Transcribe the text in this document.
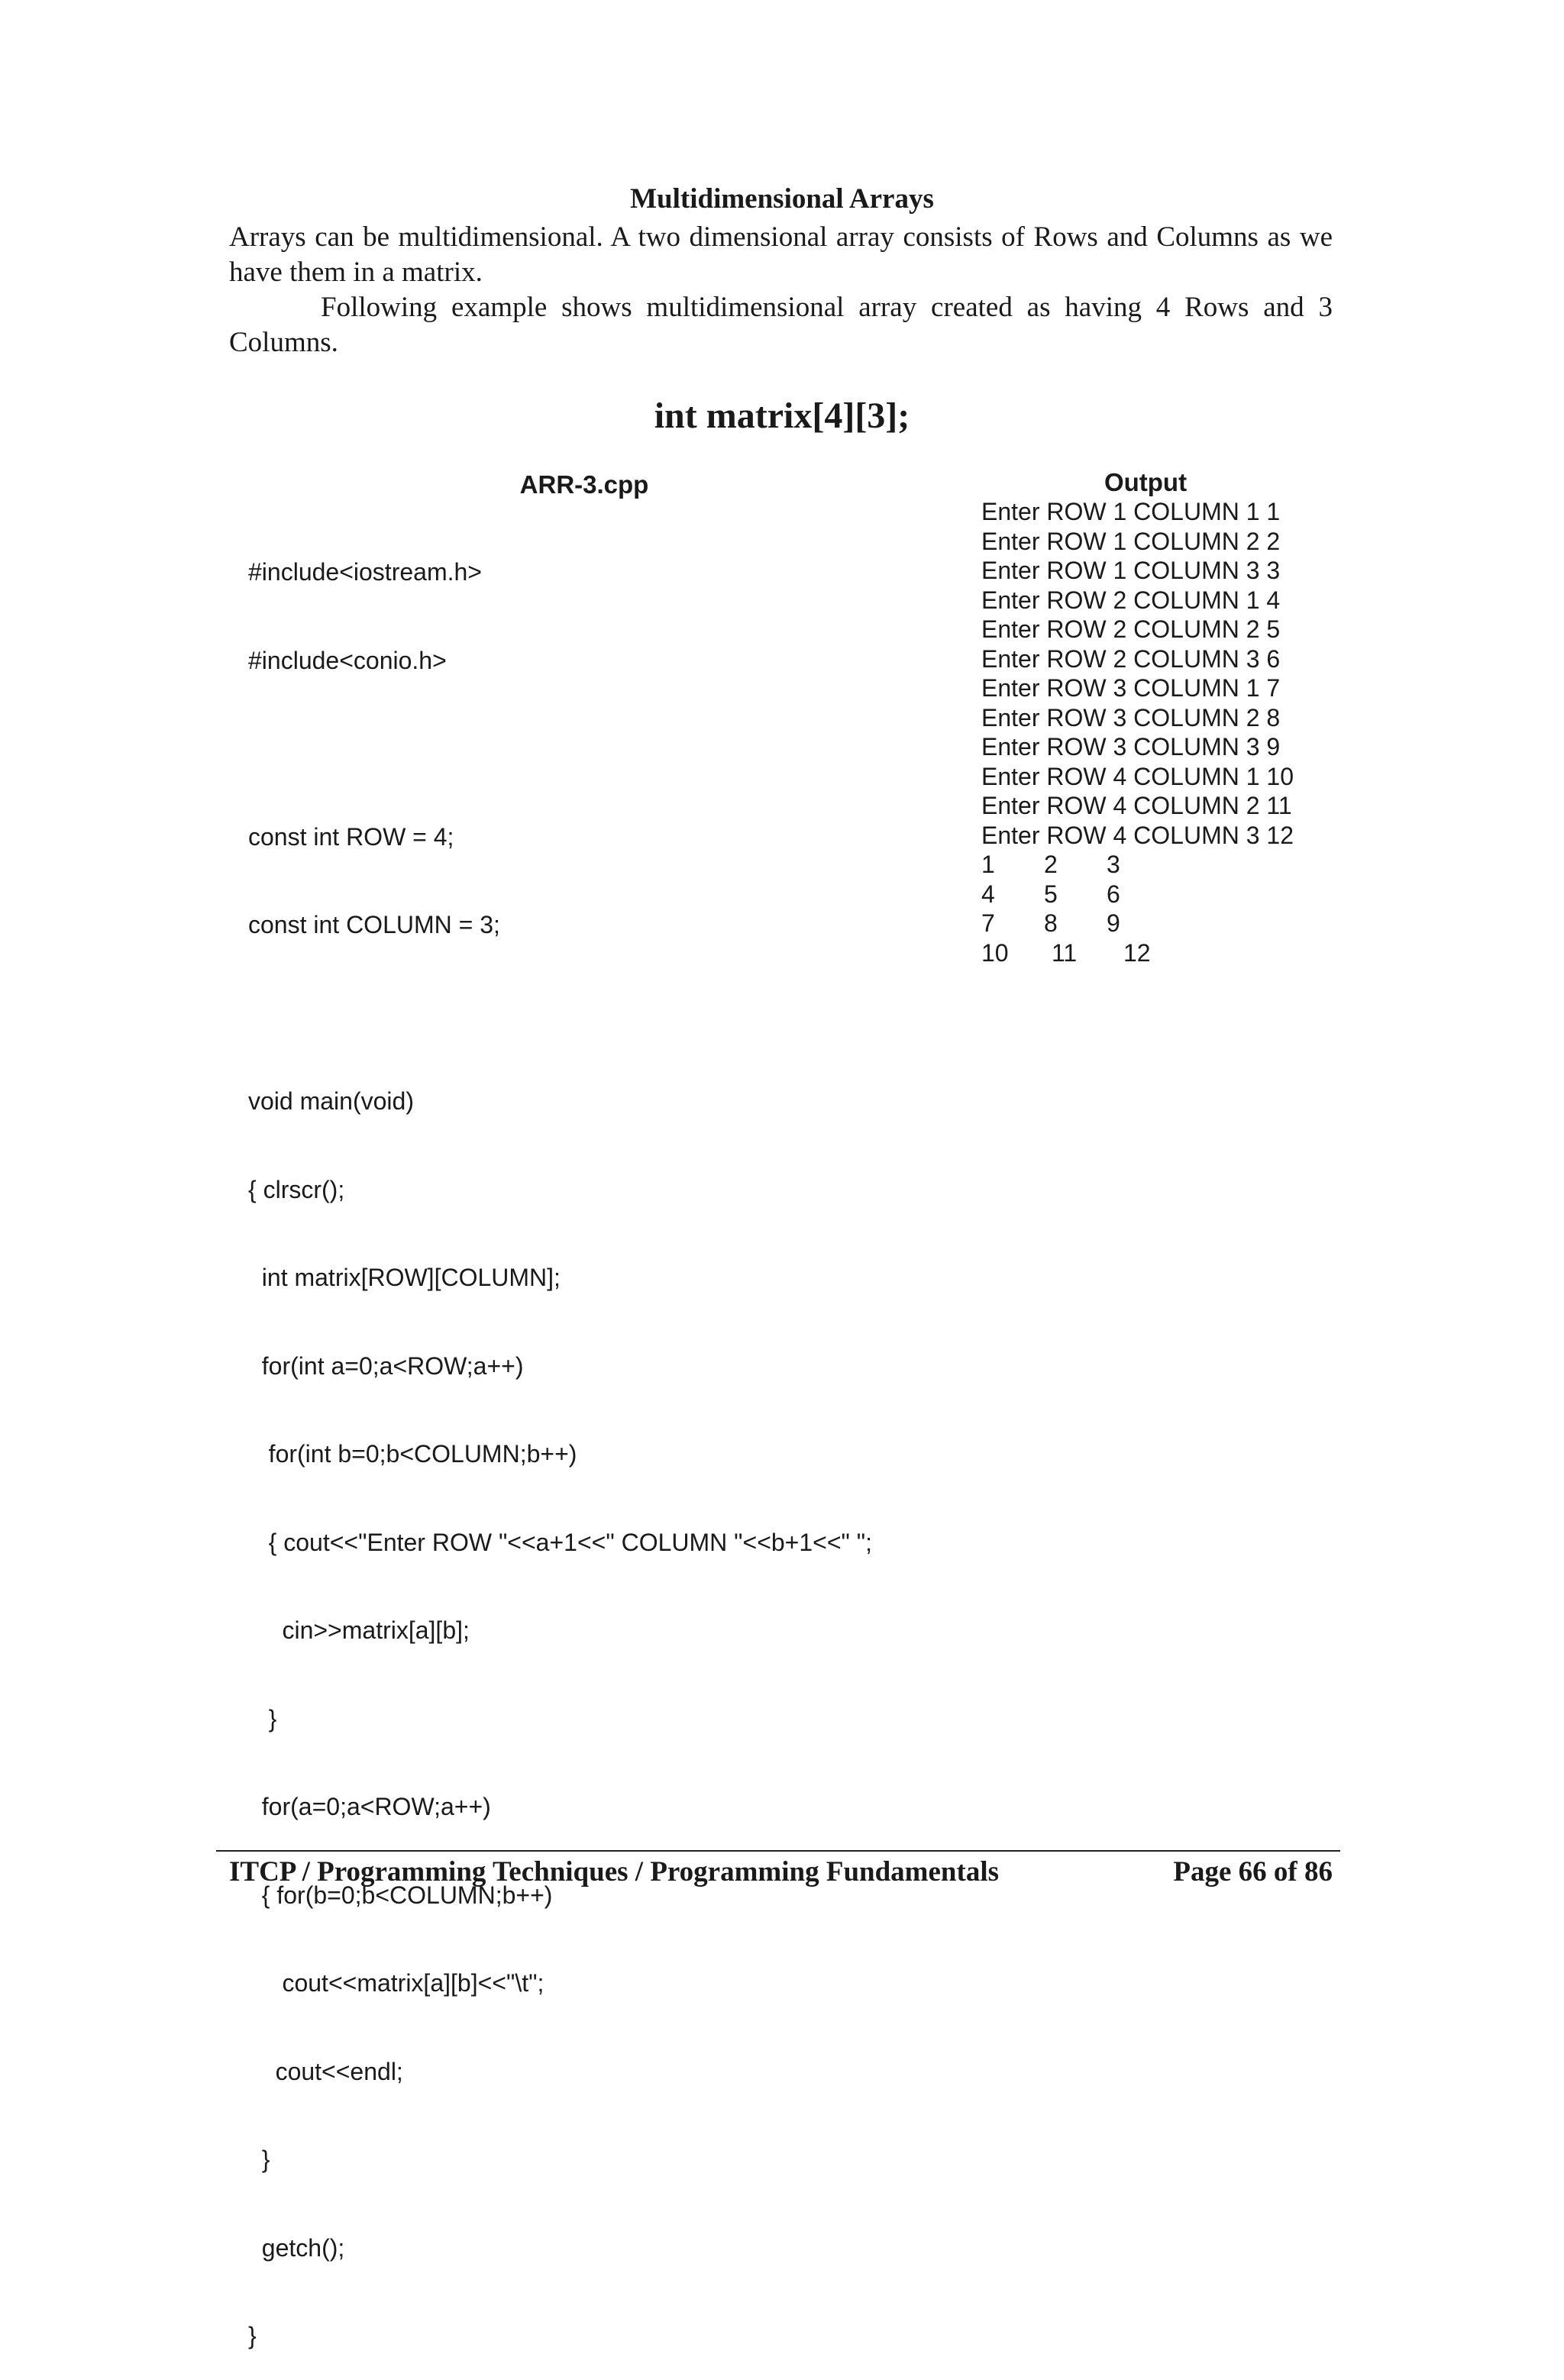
Multidimensional Arrays
Arrays can be multidimensional. A two dimensional array consists of Rows and Columns as we have them in a matrix.
Following example shows multidimensional array created as having 4 Rows and 3 Columns.
int matrix[4][3];
ARR-3.cpp	Output

#include<iostream.h>

#include<conio.h>

const int ROW = 4;

const int COLUMN = 3;

void main(void)

{ clrscr();

int matrix[ROW][COLUMN];

for(int a=0;a<ROW;a++)

for(int b=0;b<COLUMN;b++)

{ cout<<"Enter ROW "<<a+1<<" COLUMN "<<b+1<<" ";

cin>>matrix[a][b];

}

for(a=0;a<ROW;a++)

{ for(b=0;b<COLUMN;b++)

cout<<matrix[a][b]<<"\t";

cout<<endl;

}

getch();

}

Enter ROW 1 COLUMN 1 1
Enter ROW 1 COLUMN 2 2
Enter ROW 1 COLUMN 3 3
Enter ROW 2 COLUMN 1 4
Enter ROW 2 COLUMN 2 5
Enter ROW 2 COLUMN 3 6
Enter ROW 3 COLUMN 1 7
Enter ROW 3 COLUMN 2 8
Enter ROW 3 COLUMN 3 9
Enter ROW 4 COLUMN 1 10
Enter ROW 4 COLUMN 2 11
Enter ROW 4 COLUMN 3 12
1 2 3
4 5 6
7 8 9
10 11 12
ITCP / Programming Techniques / Programming Fundamentals	Page 66 of 86
